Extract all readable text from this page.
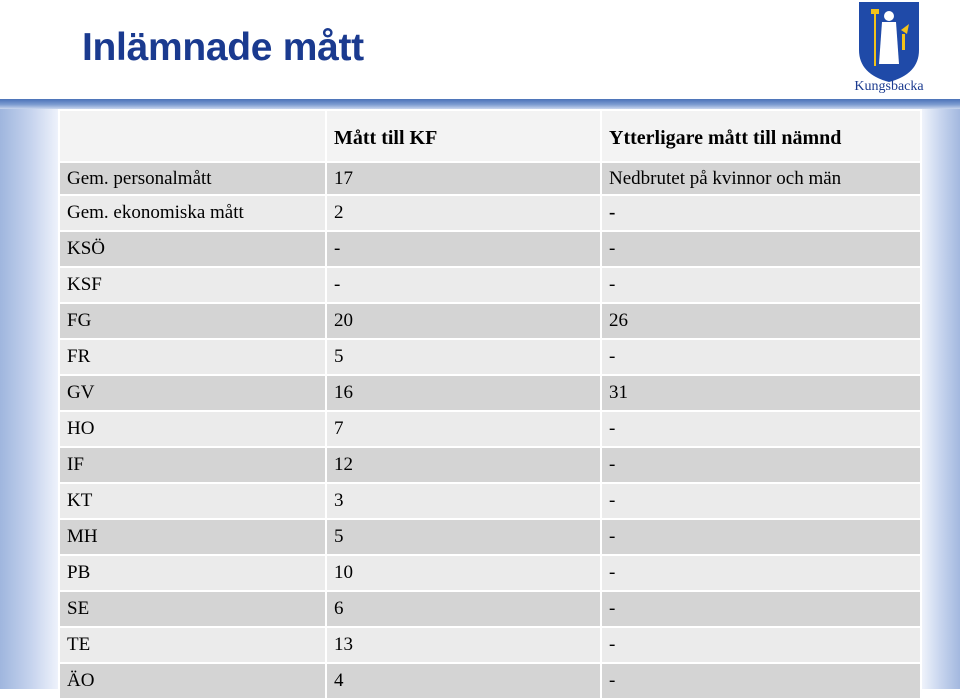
Inlämnade mått
Kungsbacka
	Mått till KF	Ytterligare mått till nämnd
Gem. personalmått	17	Nedbrutet på kvinnor och män
Gem. ekonomiska mått	2	-
KSÖ	-	-
KSF	-	-
FG	20	26
FR	5	-
GV	16	31
HO	7	-
IF	12	-
KT	3	-
MH	5	-
PB	10	-
SE	6	-
TE	13	-
ÄO	4	-
